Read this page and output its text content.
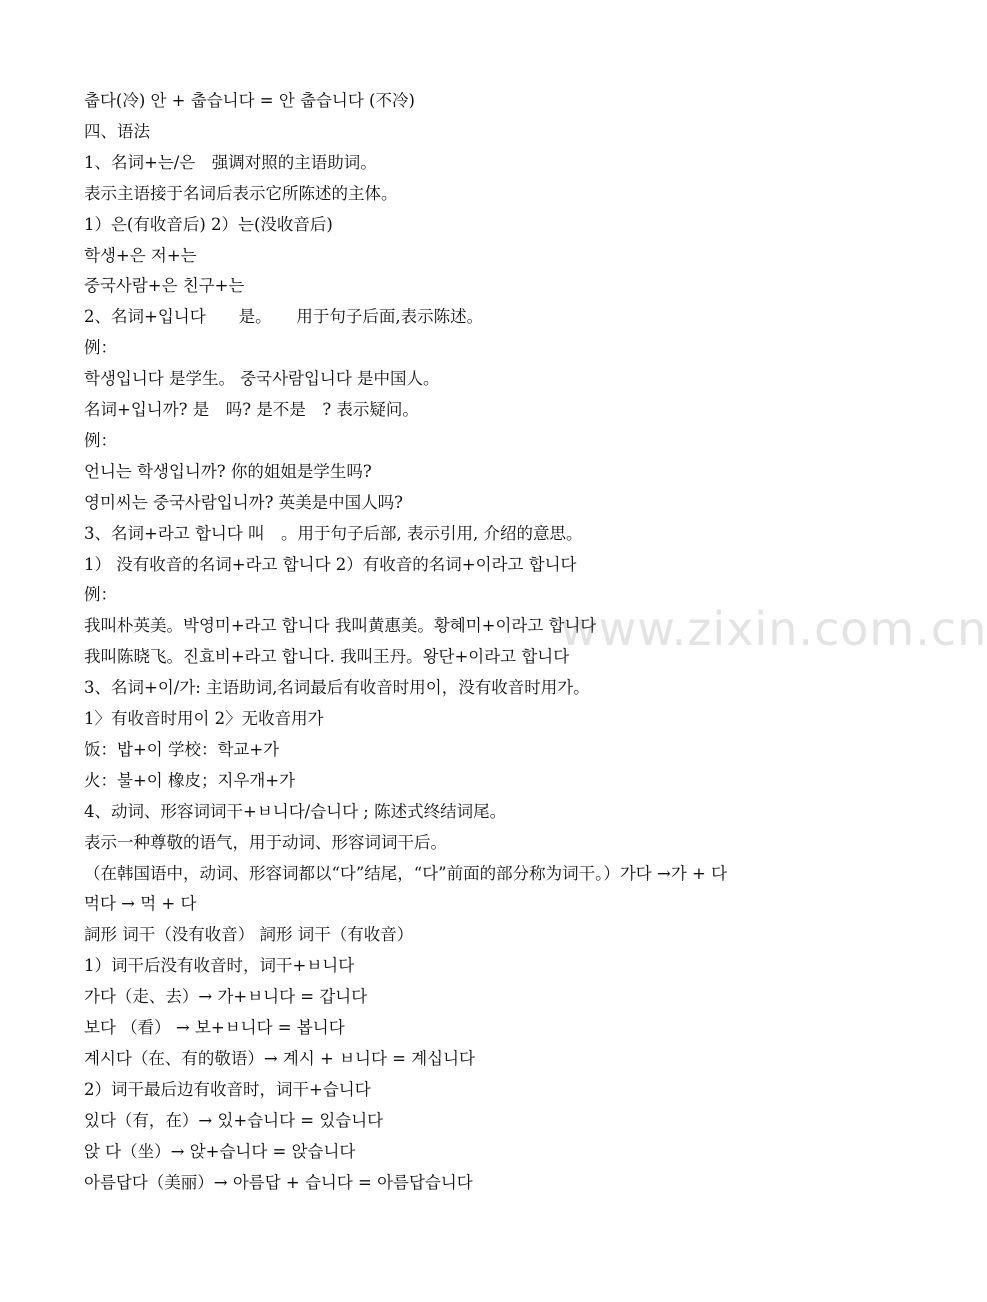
www.zixin.com.cn
춥다(冷) 안 + 춥습니다 = 안 춥습니다 (不冷)
四、语法
1、名词+는/은　强调对照的主语助词。
表示主语接于名词后表示它所陈述的主体。
1）은(有收音后) 2）는(没收音后)
학생+은 저+는
중국사람+은 친구+는
2、名词+입니다　　是。　　用于句子后面,表示陈述。
例：
학생입니다 是学生。 중국사람입니다 是中国人。
名词+입니까? 是　吗? 是不是　? 表示疑问。
例：
언니는 학생입니까? 你的姐姐是学生吗?
영미씨는 중국사람입니까? 英美是中国人吗?
3、名词+라고 합니다 叫　。用于句子后部, 表示引用, 介绍的意思。
1） 没有收音的名词+라고 합니다 2）有收音的名词+이라고 합니다
例：
我叫朴英美。박영미+라고 합니다 我叫黄惠美。황혜미+이라고 합니다
我叫陈晓飞。진효비+라고 합니다. 我叫王丹。왕단+이라고 합니다
3、名词+이/가: 主语助词,名词最后有收音时用이，没有收音时用가。
1〉有收音时用이 2〉无收音用가
饭：밥+이 学校：학교+가
火：불+이 橡皮；지우개+가
4、动词、形容词词干+ㅂ니다/습니다 ; 陈述式终结词尾。
表示一种尊敬的语气，用于动词、形容词词干后。
（在韩国语中，动词、形容词都以“다”结尾，“다”前面的部分称为词干。）가다 →가 + 다
먹다 → 먹 + 다
詞形 词干（没有收音） 詞形 词干（有收音）
1）词干后没有收音时，词干+ㅂ니다
가다（走、去）→ 가+ㅂ니다 = 갑니다
보다 （看） → 보+ㅂ니다 = 봅니다
계시다（在、有的敬语）→ 계시 + ㅂ니다 = 계십니다
2）词干最后边有收音时，词干+습니다
있다（有，在）→ 있+습니다 = 있습니다
앉 다（坐）→ 앉+습니다 = 앉습니다
아름답다（美丽）→ 아름답 + 습니다 = 아름답습니다
